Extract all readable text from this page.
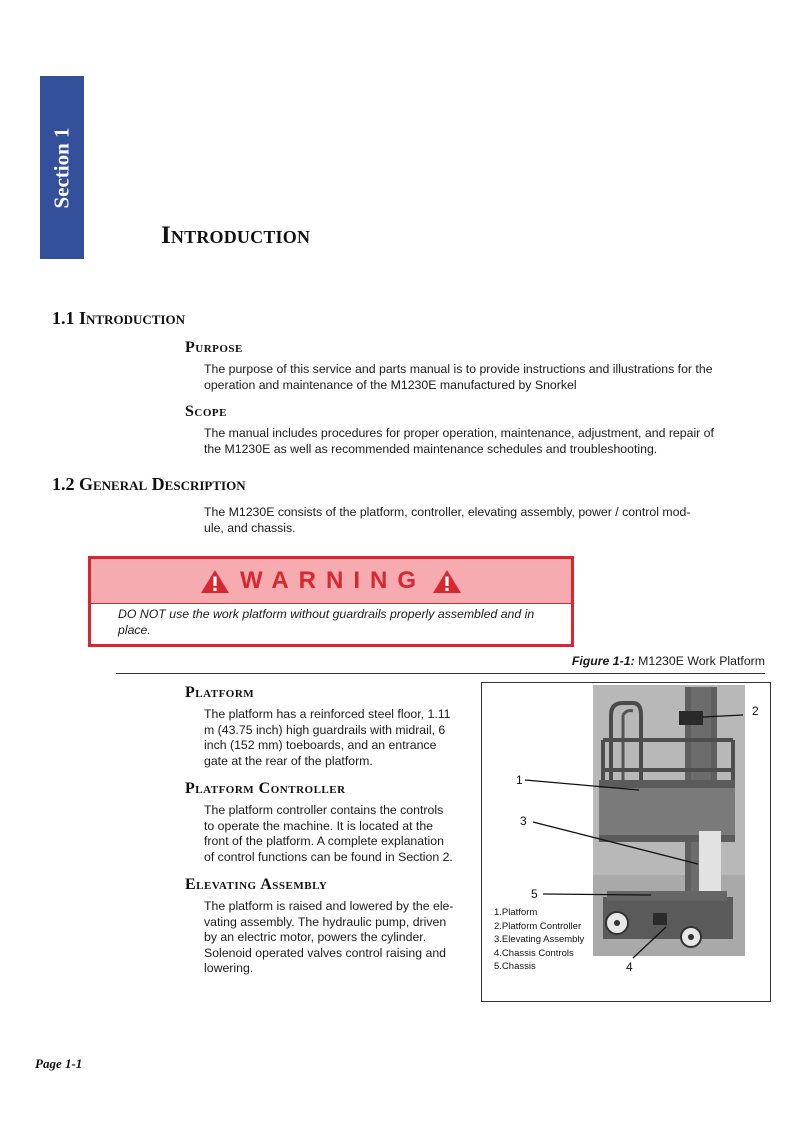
Section 1
Introduction
1.1 Introduction
Purpose
The purpose of this service and parts manual is to provide instructions and illustrations for the
operation and maintenance of the M1230E manufactured by Snorkel
Scope
The manual includes procedures for proper operation, maintenance, adjustment, and repair of
the M1230E as well as recommended maintenance schedules and troubleshooting.
1.2 General Description
The M1230E consists of the platform, controller, elevating assembly, power / control mod-
ule, and chassis.
WARNING
DO NOT use the work platform without guardrails properly assembled and in
place.
Figure 1-1: M1230E Work Platform
Platform
The platform has a reinforced steel floor, 1.11
m (43.75 inch) high guardrails with midrail, 6
inch (152 mm) toeboards, and an entrance
gate at the rear of the platform.
Platform Controller
The platform controller contains the controls
to operate the machine. It is located at the
front of the platform. A complete explanation
of control functions can be found in Section 2.
Elevating Assembly
The platform is raised and lowered by the ele-
vating assembly. The hydraulic pump, driven
by an electric motor, powers the cylinder.
Solenoid operated valves control raising and
lowering.
1
2
3
4
5
1.Platform
2.Platform Controller
3.Elevating Assembly
4.Chassis Controls
5.Chassis
Page 1-1
